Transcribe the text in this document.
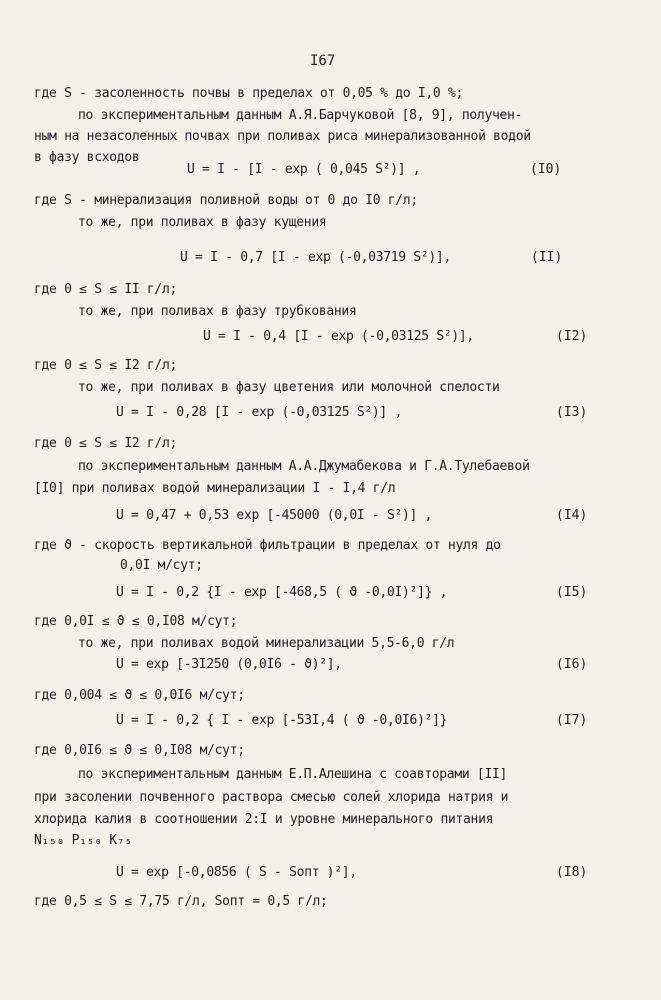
I67
где S - засоленность почвы в пределах от 0,05 % до I,0 %;
по экспериментальным данным А.Я.Барчуковой [8, 9], получен-
ным на незасоленных почвах при поливах риса минерализованной водой
в фазу всходов
U = I - [I - exp ( 0,045 S²)] ,	(I0)
где S - минерализация поливной воды от 0 до I0 г/л;
то же, при поливах в фазу кущения
U = I - 0,7 [I - exp (-0,03719 S²)],	(II)
где 0 ≤ S ≤ II г/л;
то же, при поливах в фазу трубкования
U = I - 0,4 [I - exp (-0,03125 S²)],	(I2)
где 0 ≤ S ≤ I2 г/л;
то же, при поливах в фазу цветения или молочной спелости
U = I - 0,28 [I - exp (-0,03125 S²)] ,	(I3)
где 0 ≤ S ≤ I2 г/л;
по экспериментальным данным А.А.Джумабекова и Г.А.Тулебаевой
[I0] при поливах водой минерализации I - I,4 г/л
U = 0,47 + 0,53 exp [-45000 (0,0I - S²)] ,	(I4)
где ϑ - скорость вертикальной фильтрации в пределах от нуля до
0,0I м/сут;
U = I - 0,2 {I - exp [-468,5 ( ϑ -0,0I)²]} ,	(I5)
где 0,0I ≤ ϑ ≤ 0,I08 м/сут;
то же, при поливах водой минерализации 5,5-6,0 г/л
U = exp [-3I250 (0,0I6 - ϑ)²],	(I6)
где 0,004 ≤ ϑ ≤ 0,0I6 м/сут;
U = I - 0,2 { I - exp [-53I,4 ( ϑ -0,0I6)²]}	(I7)
где 0,0I6 ≤ ϑ ≤ 0,I08 м/сут;
по экспериментальным данным Е.П.Алешина с соавторами [II]
при засолении почвенного раствора смесью солей хлорида натрия и
хлорида калия в соотношении 2:I и уровне минерального питания
N₁₅₀ P₁₅₀ K₇₅
U = exp [-0,0856 ( S - Sопт )²],	(I8)
где 0,5 ≤ S ≤ 7,75 г/л, Sопт = 0,5 г/л;
